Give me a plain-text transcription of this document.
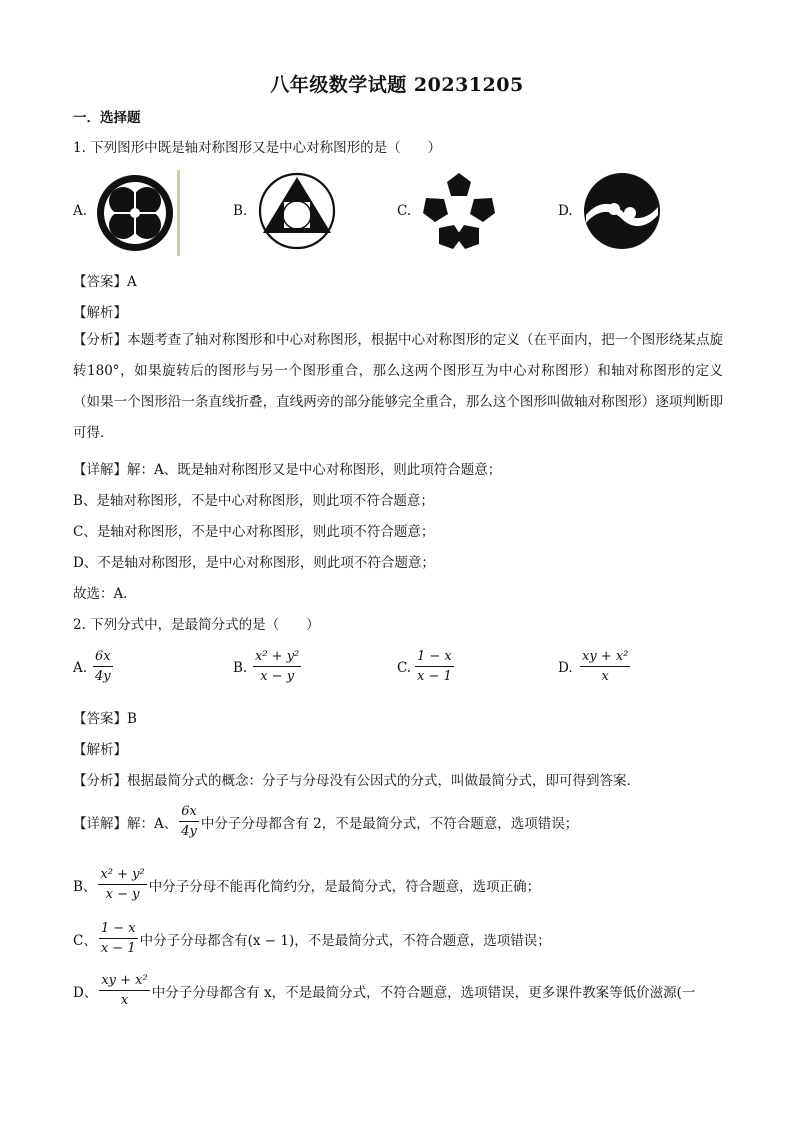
八年级数学试题 20231205
一．选择题
1. 下列图形中既是轴对称图形又是中心对称图形的是（　　）
A.	B.	C.	D.
【答案】A
【解析】
【分析】本题考查了轴对称图形和中心对称图形，根据中心对称图形的定义（在平面内，把一个图形绕某点旋转180°，如果旋转后的图形与另一个图形重合，那么这两个图形互为中心对称图形）和轴对称图形的定义（如果一个图形沿一条直线折叠，直线两旁的部分能够完全重合，那么这个图形叫做轴对称图形）逐项判断即可得．
【详解】解：A、既是轴对称图形又是中心对称图形，则此项符合题意；
B、是轴对称图形，不是中心对称图形，则此项不符合题意；
C、是轴对称图形，不是中心对称图形，则此项不符合题意；
D、不是轴对称图形，是中心对称图形，则此项不符合题意；
故选：A．
2. 下列分式中，是最简分式的是（　　）
A. $\frac{6x}{4y}$	B. $\frac{\text{x² + y²}}{x - y}$	C. $\frac{1 - x}{x - 1}$	D. $\frac{\text{xy + x²}}{x}$
【答案】B
【解析】
【分析】根据最简分式的概念：分子与分母没有公因式的分式，叫做最简分式，即可得到答案．
【详解】解：A、 $\frac{6x}{4y}$ 中分子分母都含有 2，不是最简分式，不符合题意，选项错误；
B、 $\frac{\text{x² + y²}}{x - y}$ 中分子分母不能再化简约分，是最简分式，符合题意，选项正确；
C、 $\frac{1 - x}{x - 1}$ 中分子分母都含有(x − 1)，不是最简分式，不符合题意，选项错误；
D、 $\frac{\text{xy + x²}}{x}$ 中分子分母都含有 x，不是最简分式，不符合题意，选项错误，更多课件教案等低价滋源(一
